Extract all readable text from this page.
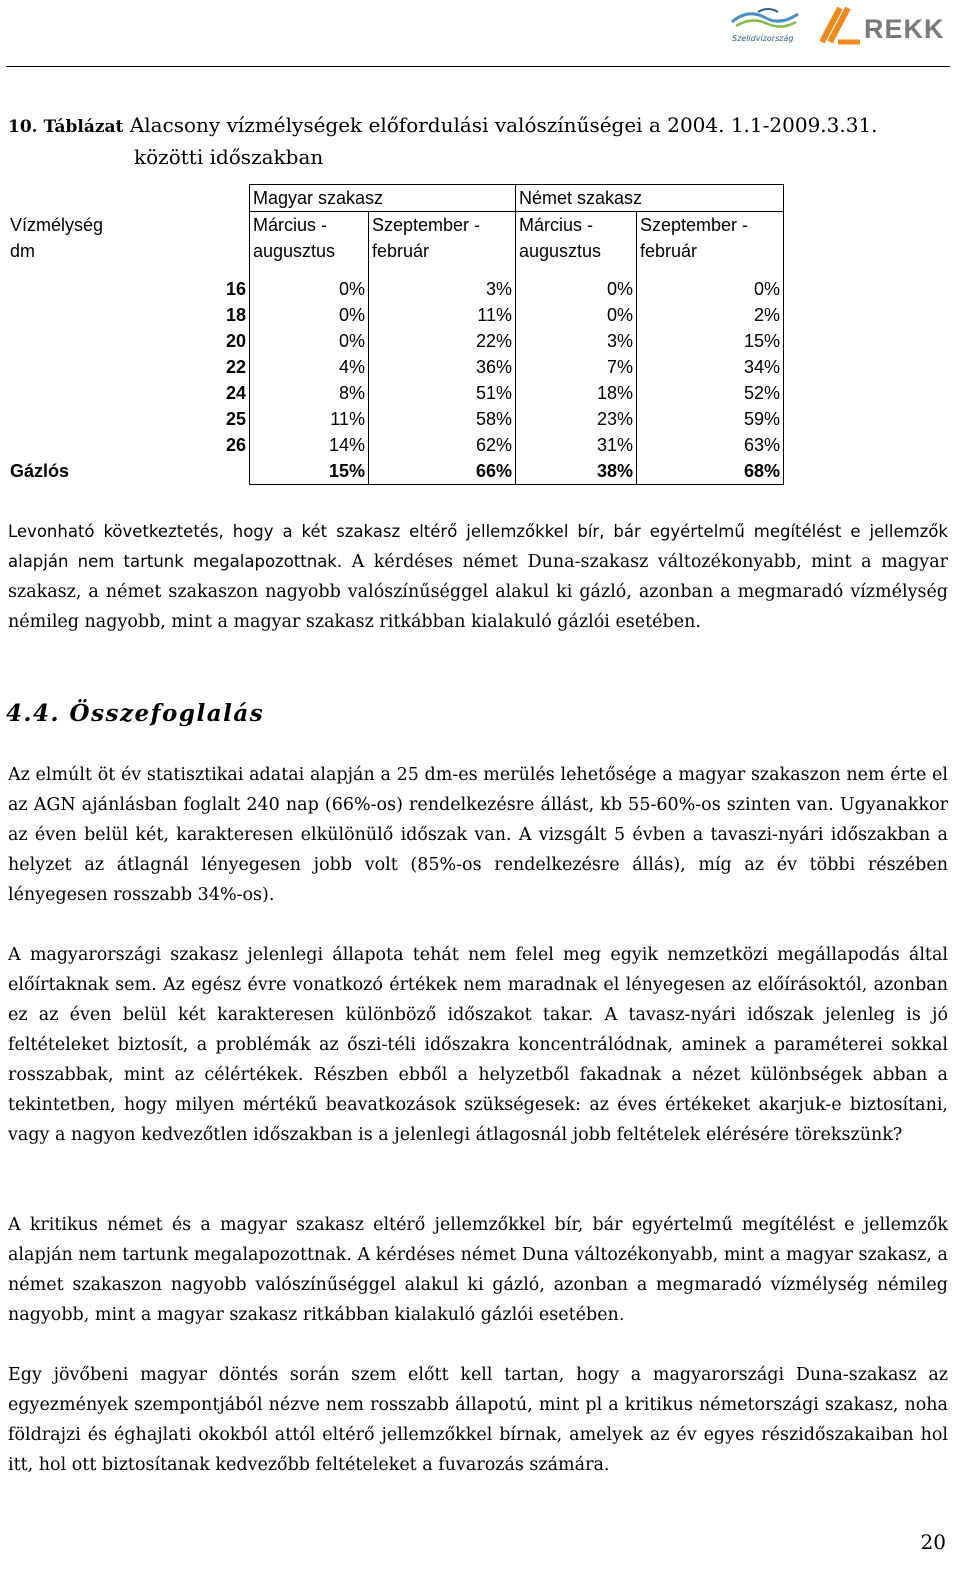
Szelídvízország	REKK
10. Táblázat Alacsony vízmélységek előfordulási valószínűségei a 2004. 1.1-2009.3.31.
közötti időszakban
	Magyar szakasz		Német szakasz	
Vízmélység	Március -	Szeptember -	Március -	Szeptember -
dm	augusztus	február	augusztus	február

16	0%	3%	0%	0%
18	0%	11%	0%	2%
20	0%	22%	3%	15%
22	4%	36%	7%	34%
24	8%	51%	18%	52%
25	11%	58%	23%	59%
26	14%	62%	31%	63%
Gázlós	15%	66%	38%	68%
Levonható következtetés, hogy a két szakasz eltérő jellemzőkkel bír, bár egyértelmű megítélést e jellemzők alapján nem tartunk megalapozottnak. A kérdéses német Duna-szakasz változékonyabb, mint a magyar szakasz, a német szakaszon nagyobb valószínűséggel alakul ki gázló, azonban a megmaradó vízmélység némileg nagyobb, mint a magyar szakasz ritkábban kialakuló gázlói esetében.
4.4. Összefoglalás
Az elmúlt öt év statisztikai adatai alapján a 25 dm-es merülés lehetősége a magyar szakaszon nem érte el az AGN ajánlásban foglalt 240 nap (66%-os) rendelkezésre állást, kb 55-60%-os szinten van. Ugyanakkor az éven belül két, karakteresen elkülönülő időszak van. A vizsgált 5 évben a tavaszi-nyári időszakban a helyzet az átlagnál lényegesen jobb volt (85%-os rendelkezésre állás), míg az év többi részében lényegesen rosszabb 34%-os).
A magyarországi szakasz jelenlegi állapota tehát nem felel meg egyik nemzetközi megállapodás által előírtaknak sem. Az egész évre vonatkozó értékek nem maradnak el lényegesen az előírásoktól, azonban ez az éven belül két karakteresen különböző időszakot takar. A tavasz-nyári időszak jelenleg is jó feltételeket biztosít, a problémák az őszi-téli időszakra koncentrálódnak, aminek a paraméterei sokkal rosszabbak, mint az célértékek. Részben ebből a helyzetből fakadnak a nézet különbségek abban a tekintetben, hogy milyen mértékű beavatkozások szükségesek: az éves értékeket akarjuk-e biztosítani, vagy a nagyon kedvezőtlen időszakban is a jelenlegi átlagosnál jobb feltételek elérésére törekszünk?
A kritikus német és a magyar szakasz eltérő jellemzőkkel bír, bár egyértelmű megítélést e jellemzők alapján nem tartunk megalapozottnak. A kérdéses német Duna változékonyabb, mint a magyar szakasz, a német szakaszon nagyobb valószínűséggel alakul ki gázló, azonban a megmaradó vízmélység némileg nagyobb, mint a magyar szakasz ritkábban kialakuló gázlói esetében.
Egy jövőbeni magyar döntés során szem előtt kell tartan, hogy a magyarországi Duna-szakasz az egyezmények szempontjából nézve nem rosszabb állapotú, mint pl a kritikus németországi szakasz, noha földrajzi és éghajlati okokból attól eltérő jellemzőkkel bírnak, amelyek az év egyes részidőszakaiban hol itt, hol ott biztosítanak kedvezőbb feltételeket a fuvarozás számára.
20
